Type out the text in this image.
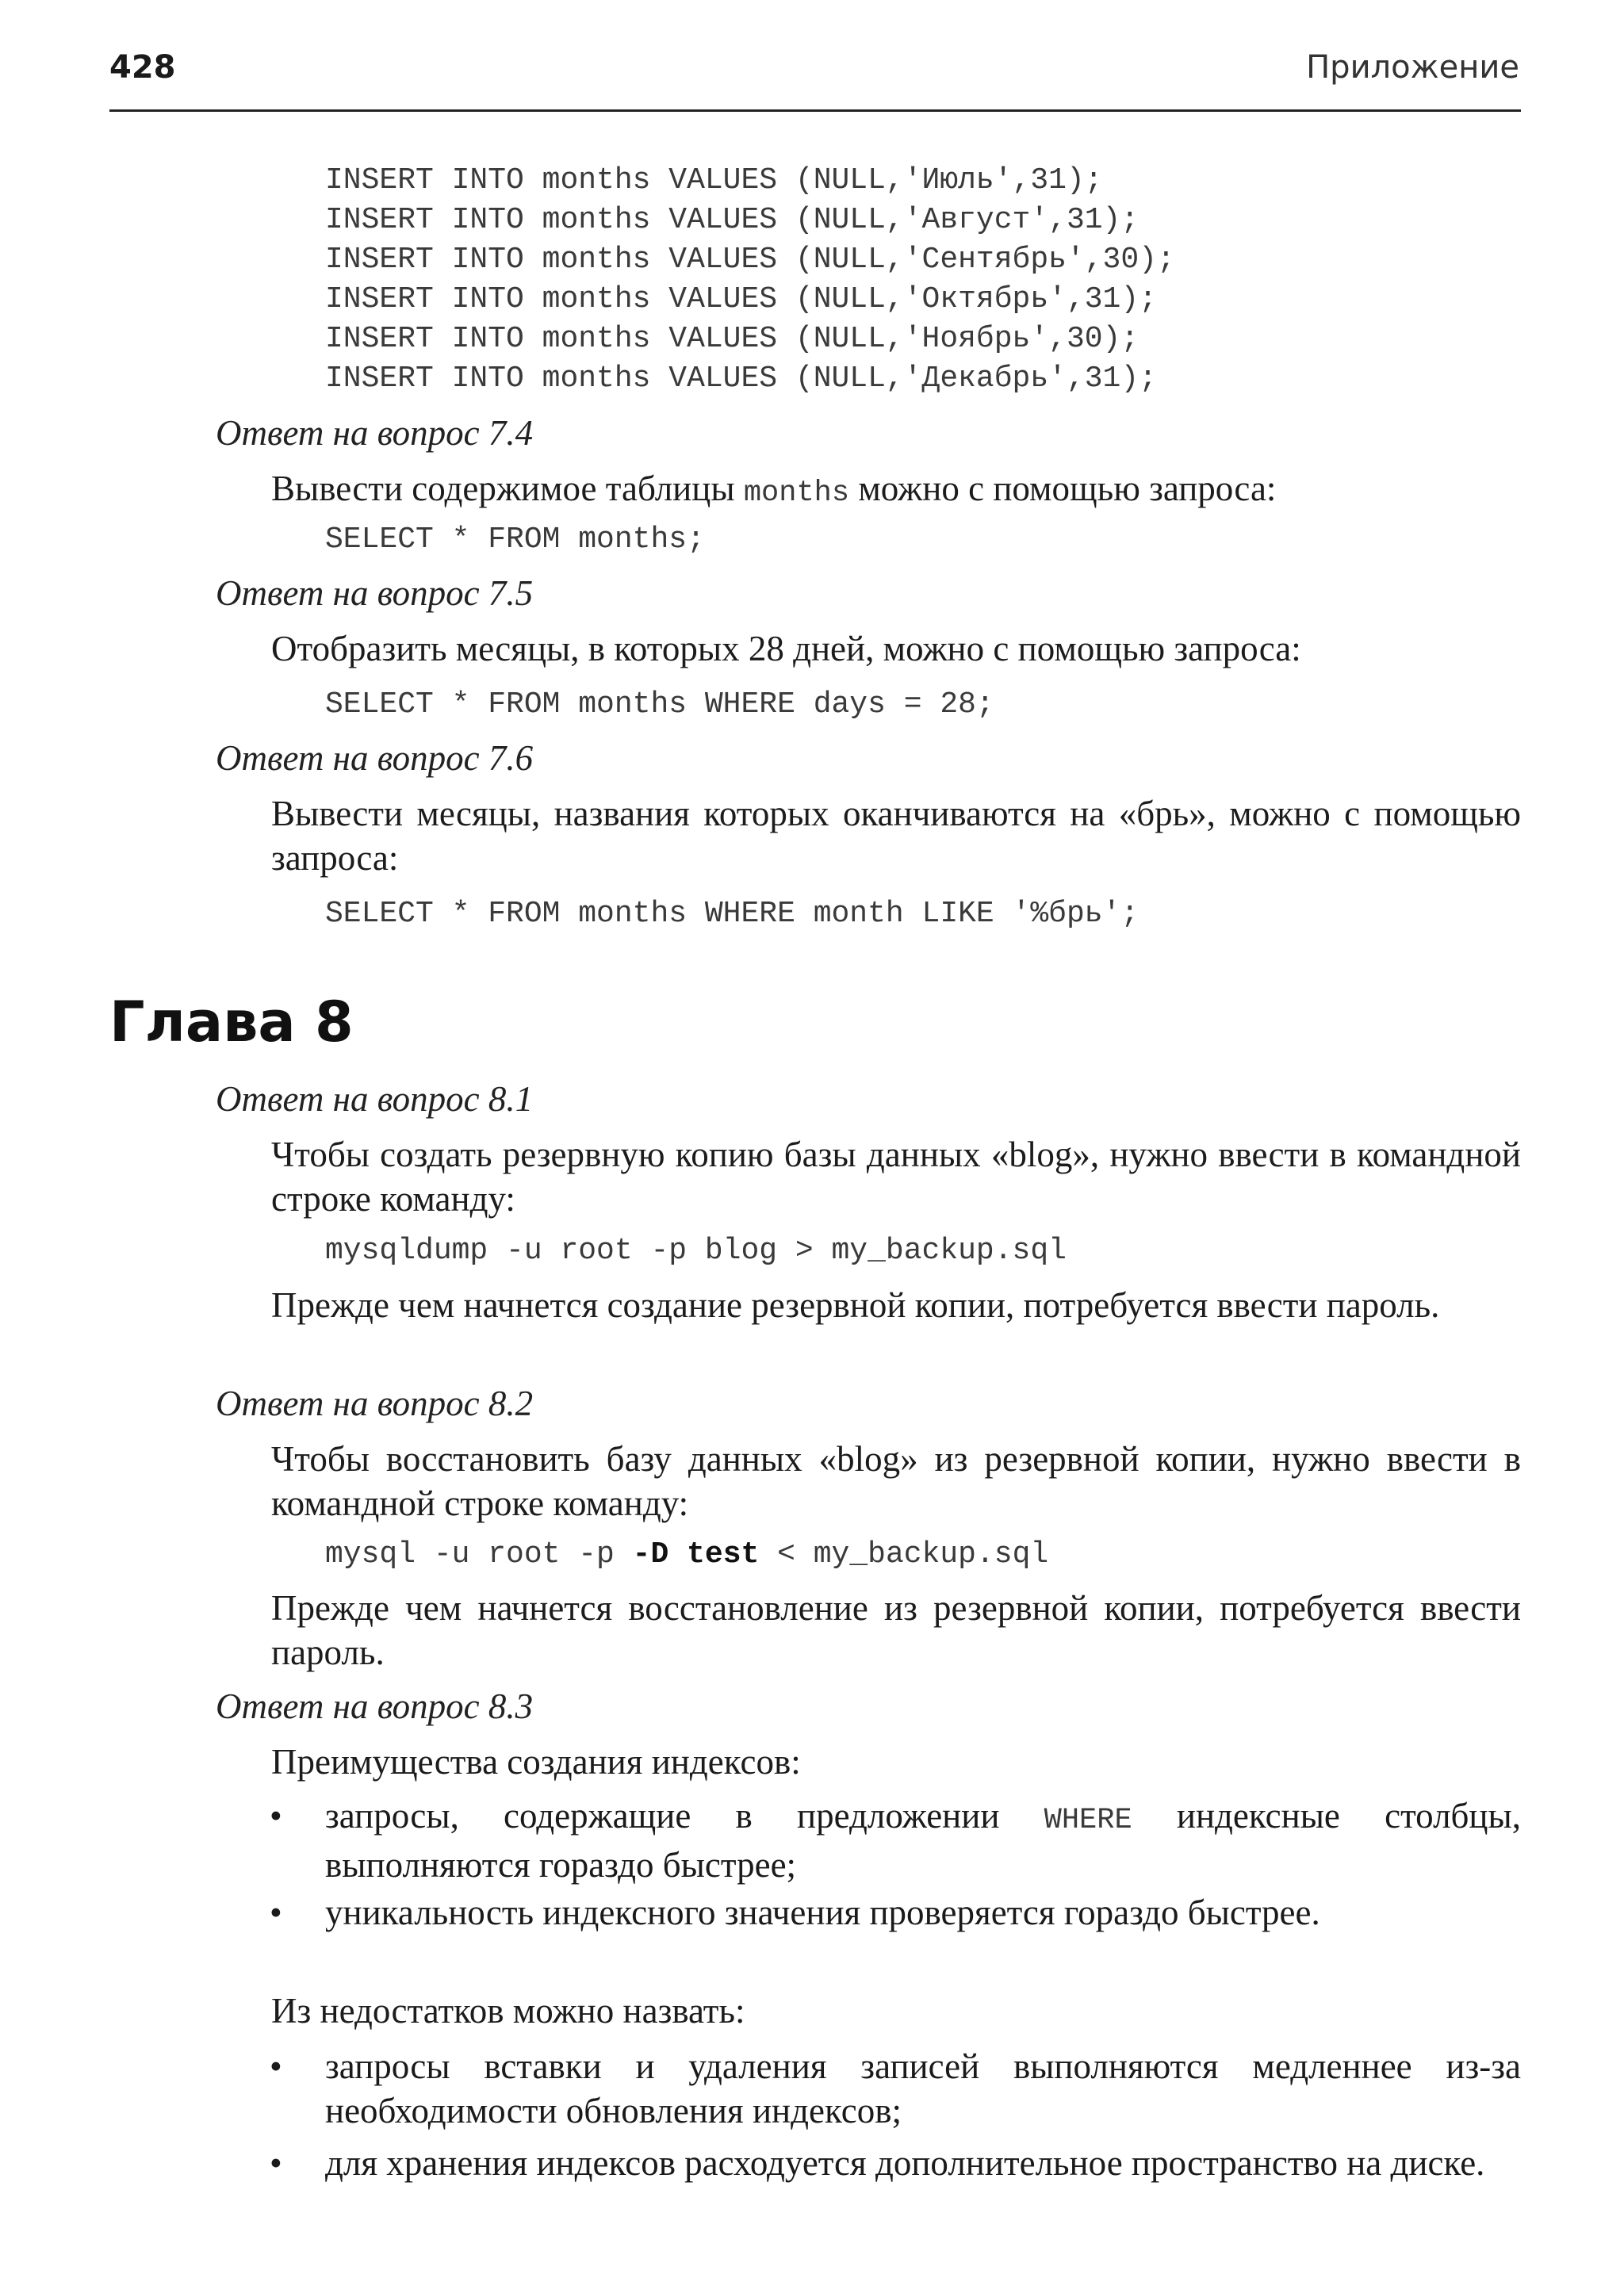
428	Приложение
INSERT INTO months VALUES (NULL,'Июль',31);
INSERT INTO months VALUES (NULL,'Август',31);
INSERT INTO months VALUES (NULL,'Сентябрь',30);
INSERT INTO months VALUES (NULL,'Октябрь',31);
INSERT INTO months VALUES (NULL,'Ноябрь',30);
INSERT INTO months VALUES (NULL,'Декабрь',31);
Ответ на вопрос 7.4
Вывести содержимое таблицы months можно с помощью запроса:
SELECT * FROM months;
Ответ на вопрос 7.5
Отобразить месяцы, в которых 28 дней, можно с помощью запроса:
SELECT * FROM months WHERE days = 28;
Ответ на вопрос 7.6
Вывести месяцы, названия которых оканчиваются на «брь», можно с помощью запроса:
SELECT * FROM months WHERE month LIKE '%брь';
Глава 8
Ответ на вопрос 8.1
Чтобы создать резервную копию базы данных «blog», нужно ввести в командной строке команду:
mysqldump -u root -p blog > my_backup.sql
Прежде чем начнется создание резервной копии, потребуется ввести пароль.
Ответ на вопрос 8.2
Чтобы восстановить базу данных «blog» из резервной копии, нужно ввести в командной строке команду:
mysql -u root -p -D test < my_backup.sql
Прежде чем начнется восстановление из резервной копии, потребуется ввести пароль.
Ответ на вопрос 8.3
Преимущества создания индексов:
• запросы, содержащие в предложении WHERE индексные столбцы, выполняются гораздо быстрее;
• уникальность индексного значения проверяется гораздо быстрее.
Из недостатков можно назвать:
• запросы вставки и удаления записей выполняются медленнее из-за необходимости обновления индексов;
• для хранения индексов расходуется дополнительное пространство на диске.
